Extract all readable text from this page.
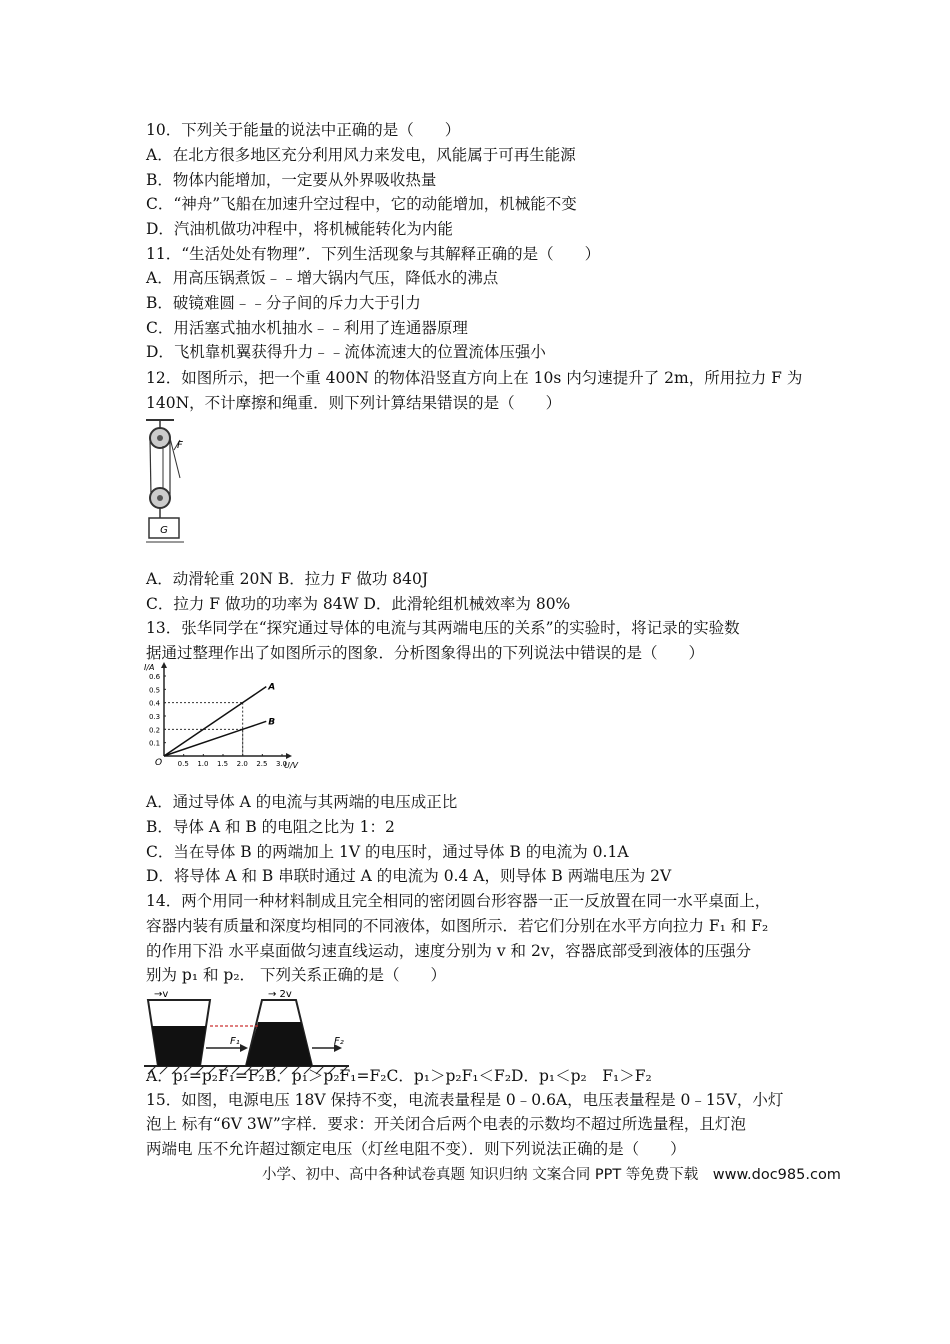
10．下列关于能量的说法中正确的是（　　）
A．在北方很多地区充分利用风力来发电，风能属于可再生能源
B．物体内能增加，一定要从外界吸收热量
C．“神舟”飞船在加速升空过程中，它的动能增加，机械能不变
D．汽油机做功冲程中，将机械能转化为内能
11．“生活处处有物理”．下列生活现象与其解释正确的是（　　）
A．用高压锅煮饭﹣﹣增大锅内气压，降低水的沸点
B．破镜难圆﹣﹣分子间的斥力大于引力
C．用活塞式抽水机抽水﹣﹣利用了连通器原理
D．飞机靠机翼获得升力﹣﹣流体流速大的位置流体压强小
12．如图所示，把一个重 400N 的物体沿竖直方向上在 10s 内匀速提升了 2m，所用拉力 F 为
140N，不计摩擦和绳重．则下列计算结果错误的是（　　）
G
F
A．动滑轮重 20N B．拉力 F 做功 840J
C．拉力 F 做功的功率为 84W D．此滑轮组机械效率为 80%
13．张华同学在“探究通过导体的电流与其两端电压的关系”的实验时，将记录的实验数
据通过整理作出了如图所示的图象．分析图象得出的下列说法中错误的是（　　）
U/V
I/A
O 0.5 1.0 1.5 2.0 2.5 3.0
0.1
0.2
0.3
0.4
0.5
0.6
A
B
A．通过导体 A 的电流与其两端的电压成正比
B．导体 A 和 B 的电阻之比为 1：2
C．当在导体 B 的两端加上 1V 的电压时，通过导体 B 的电流为 0.1A
D．将导体 A 和 B 串联时通过 A 的电流为 0.4 A，则导体 B 两端电压为 2V
14．两个用同一种材料制成且完全相同的密闭圆台形容器一正一反放置在同一水平桌面上，
容器内装有质量和深度均相同的不同液体，如图所示．若它们分别在水平方向拉力 F₁ 和 F₂
的作用下沿 水平桌面做匀速直线运动，速度分别为 v 和 2v，容器底部受到液体的压强分
别为 p₁ 和 p₂． 下列关系正确的是（　　）
F₁	F₂
→v	→ 2v
A．p₁=p₂F₁=F₂B．p₁＞p₂F₁=F₂C．p₁＞p₂F₁＜F₂D．p₁＜p₂　F₁＞F₂
15．如图，电源电压 18V 保持不变，电流表量程是 0﹣0.6A，电压表量程是 0﹣15V，小灯
泡上 标有“6V 3W”字样．要求：开关闭合后两个电表的示数均不超过所选量程，且灯泡
小学、初中、高中各种试卷真题 知识归纳 文案合同 PPT 等免费下载　www.doc985.com
两端电 压不允许超过额定电压（灯丝电阻不变）．则下列说法正确的是（　　）
